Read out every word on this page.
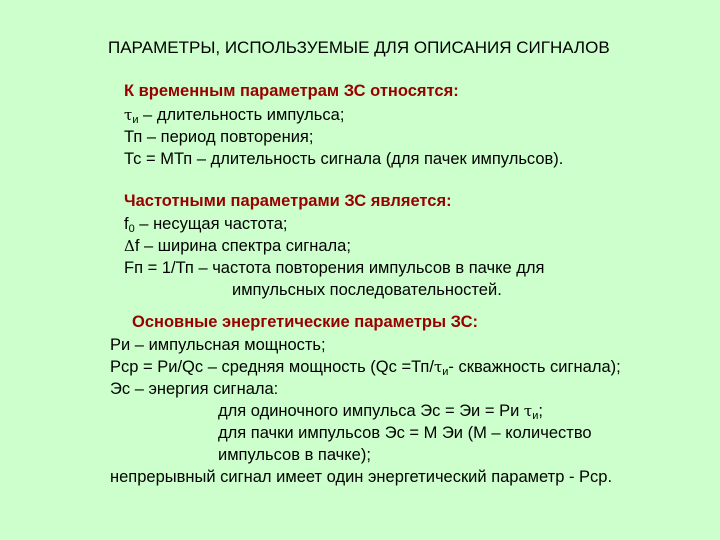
ПАРАМЕТРЫ, ИСПОЛЬЗУЕМЫЕ ДЛЯ ОПИСАНИЯ СИГНАЛОВ
К временным параметрам ЗС относятся:
$\tau_и$ – длительность импульса;
Тп – период повторения;
Тс = МТп – длительность сигнала (для пачек импульсов).
Частотными параметрами ЗС является:
$f_0$ – несущая частота;
Δf – ширина спектра сигнала;
Fп = 1/Тп – частота повторения импульсов в пачке для
импульсных последовательностей.
Основные энергетические параметры ЗС:
Ри – импульсная мощность;
Рср = Ри/Qс – средняя мощность ($Qс =Тп/\tau_и-$ скважность сигнала);
Эс – энергия сигнала:
для одиночного импульса Эс = Эи = Ри $\tau_и$;
для пачки импульсов Эс = М Эи (М – количество
импульсов в пачке);
непрерывный сигнал имеет один энергетический параметр - Рср.
